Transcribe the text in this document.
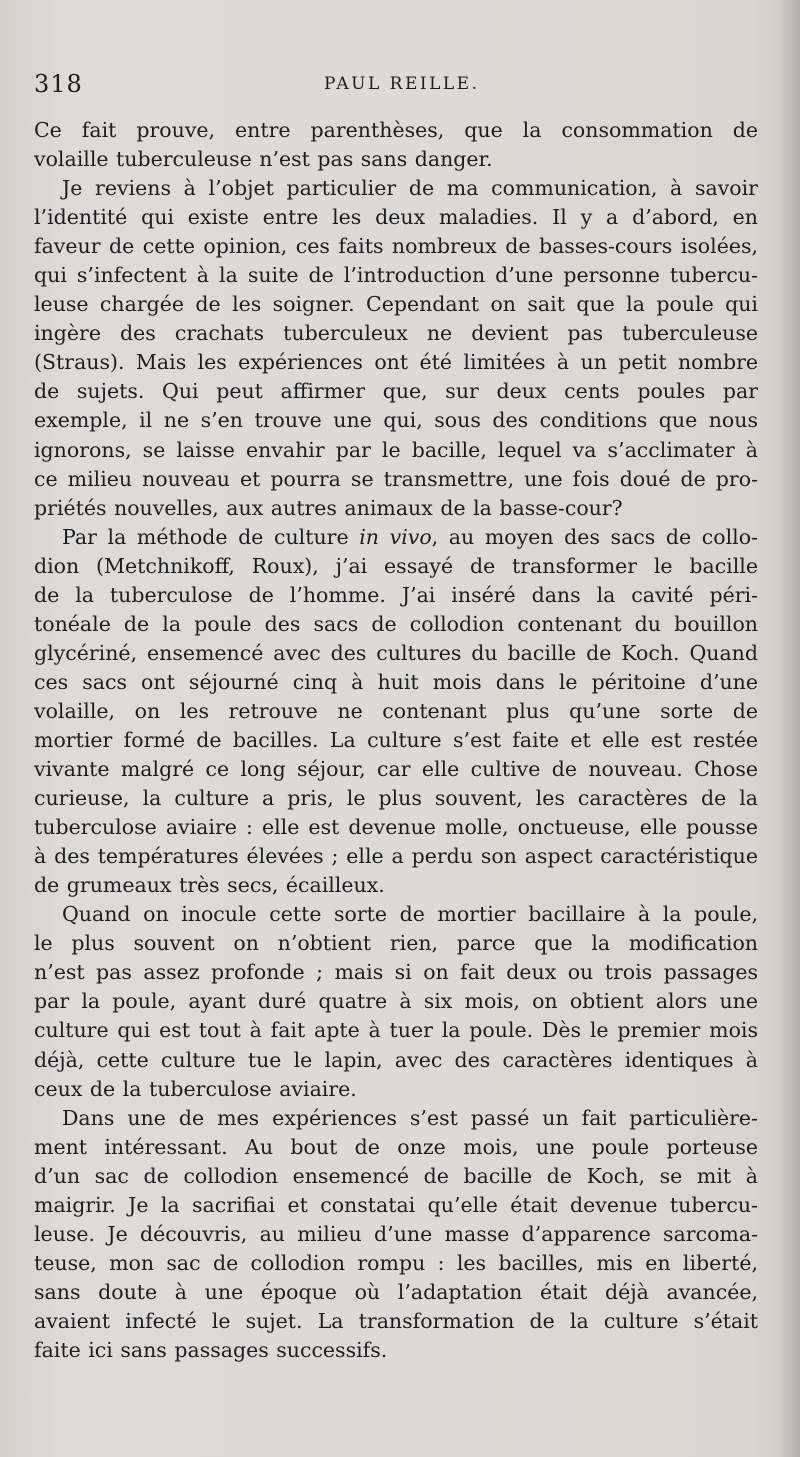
318	PAUL REILLE.
Ce fait prouve, entre parenthèses, que la consommation de
volaille tuberculeuse n’est pas sans danger.
Je reviens à l’objet particulier de ma communication, à savoir
l’identité qui existe entre les deux maladies. Il y a d’abord, en
faveur de cette opinion, ces faits nombreux de basses-cours isolées,
qui s’infectent à la suite de l’introduction d’une personne tubercu-
leuse chargée de les soigner. Cependant on sait que la poule qui
ingère des crachats tuberculeux ne devient pas tuberculeuse
(Straus). Mais les expériences ont été limitées à un petit nombre
de sujets. Qui peut affirmer que, sur deux cents poules par
exemple, il ne s’en trouve une qui, sous des conditions que nous
ignorons, se laisse envahir par le bacille, lequel va s’acclimater à
ce milieu nouveau et pourra se transmettre, une fois doué de pro-
priétés nouvelles, aux autres animaux de la basse-cour?
Par la méthode de culture in vivo, au moyen des sacs de collo-
dion (Metchnikoff, Roux), j’ai essayé de transformer le bacille
de la tuberculose de l’homme. J’ai inséré dans la cavité péri-
tonéale de la poule des sacs de collodion contenant du bouillon
glycériné, ensemencé avec des cultures du bacille de Koch. Quand
ces sacs ont séjourné cinq à huit mois dans le péritoine d’une
volaille, on les retrouve ne contenant plus qu’une sorte de
mortier formé de bacilles. La culture s’est faite et elle est restée
vivante malgré ce long séjour, car elle cultive de nouveau. Chose
curieuse, la culture a pris, le plus souvent, les caractères de la
tuberculose aviaire : elle est devenue molle, onctueuse, elle pousse
à des températures élevées ; elle a perdu son aspect caractéristique
de grumeaux très secs, écailleux.
Quand on inocule cette sorte de mortier bacillaire à la poule,
le plus souvent on n’obtient rien, parce que la modification
n’est pas assez profonde ; mais si on fait deux ou trois passages
par la poule, ayant duré quatre à six mois, on obtient alors une
culture qui est tout à fait apte à tuer la poule. Dès le premier mois
déjà, cette culture tue le lapin, avec des caractères identiques à
ceux de la tuberculose aviaire.
Dans une de mes expériences s’est passé un fait particulière-
ment intéressant. Au bout de onze mois, une poule porteuse
d’un sac de collodion ensemencé de bacille de Koch, se mit à
maigrir. Je la sacrifiai et constatai qu’elle était devenue tubercu-
leuse. Je découvris, au milieu d’une masse d’apparence sarcoma-
teuse, mon sac de collodion rompu : les bacilles, mis en liberté,
sans doute à une époque où l’adaptation était déjà avancée,
avaient infecté le sujet. La transformation de la culture s’était
faite ici sans passages successifs.
